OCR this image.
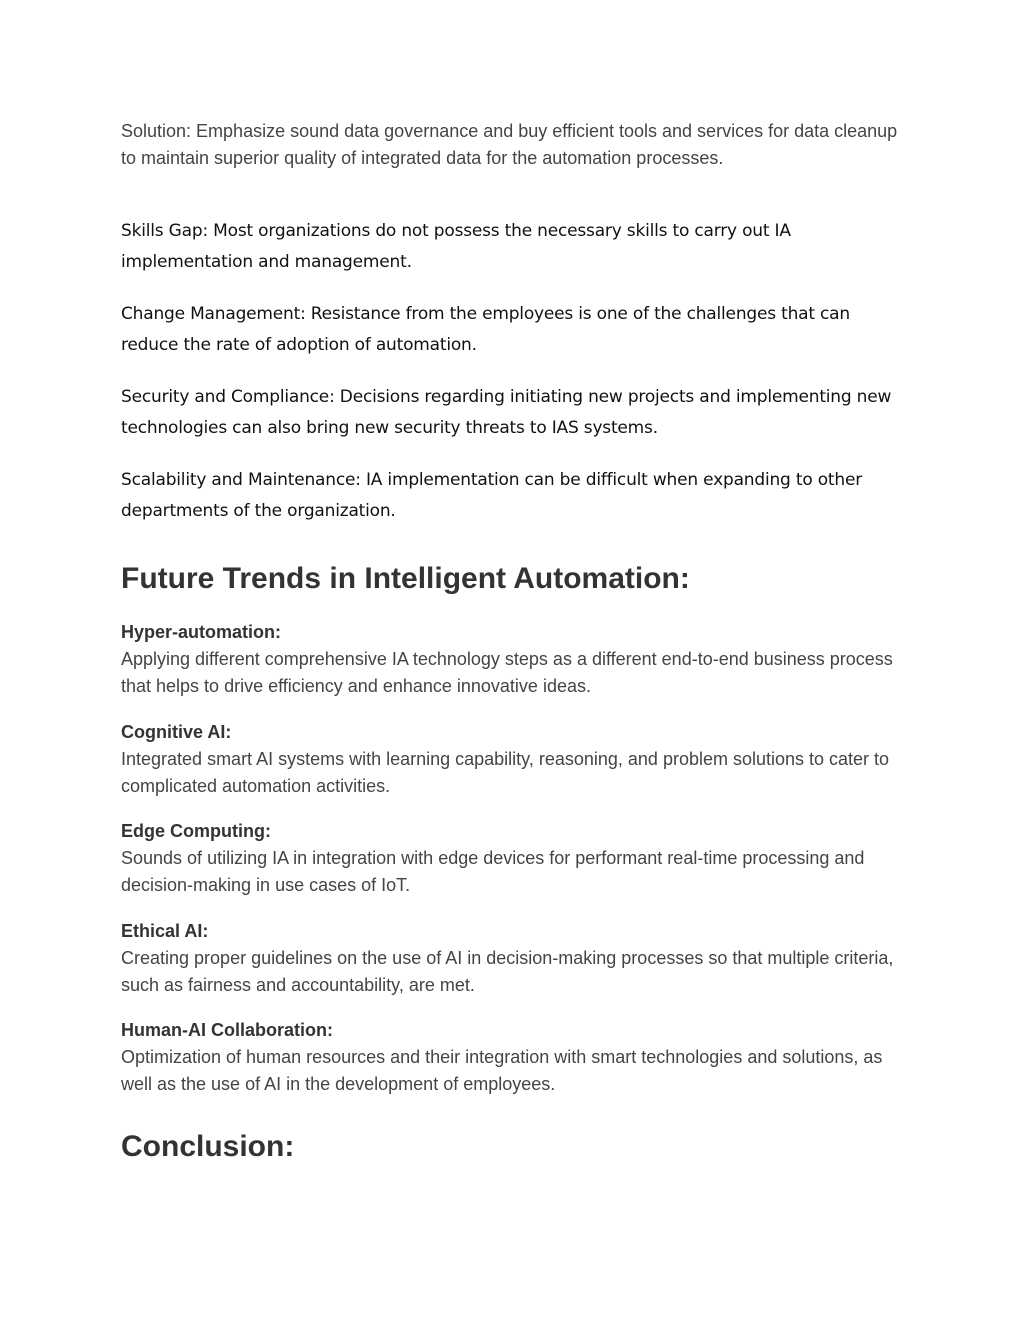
Solution: Emphasize sound data governance and buy efficient tools and services for data cleanup to maintain superior quality of integrated data for the automation processes.

Skills Gap: Most organizations do not possess the necessary skills to carry out IA implementation and management.

Change Management: Resistance from the employees is one of the challenges that can reduce the rate of adoption of automation.

Security and Compliance: Decisions regarding initiating new projects and implementing new technologies can also bring new security threats to IAS systems.

Scalability and Maintenance: IA implementation can be difficult when expanding to other departments of the organization.

Future Trends in Intelligent Automation:

Hyper-automation:

Applying different comprehensive IA technology steps as a different end-to-end business process that helps to drive efficiency and enhance innovative ideas.

Cognitive AI:

Integrated smart AI systems with learning capability, reasoning, and problem solutions to cater to complicated automation activities.

Edge Computing:

Sounds of utilizing IA in integration with edge devices for performant real-time processing and decision-making in use cases of IoT.

Ethical AI:

Creating proper guidelines on the use of AI in decision-making processes so that multiple criteria, such as fairness and accountability, are met.

Human-AI Collaboration:

Optimization of human resources and their integration with smart technologies and solutions, as well as the use of AI in the development of employees.

Conclusion:
